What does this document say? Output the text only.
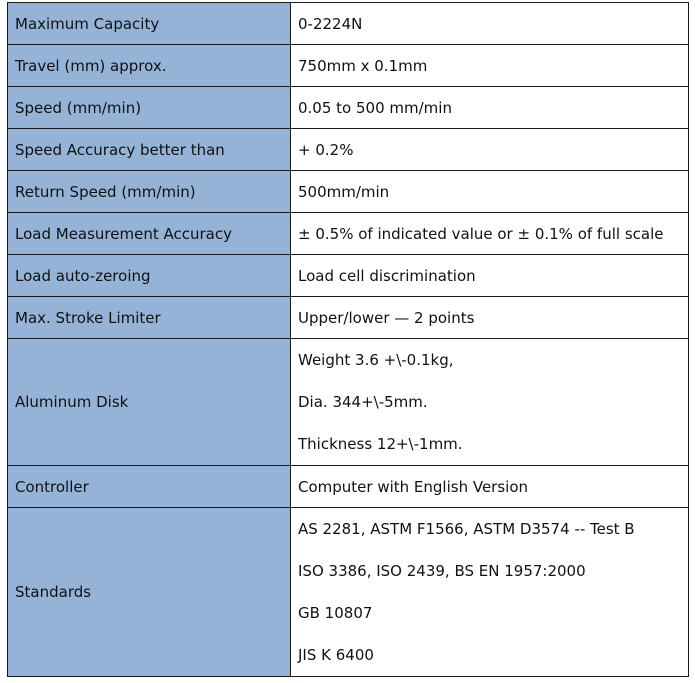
Maximum Capacity	0-2224N
Travel (mm) approx.	750mm x 0.1mm
Speed (mm/min)	0.05 to 500 mm/min
Speed Accuracy better than	+ 0.2%
Return Speed (mm/min)	500mm/min
Load Measurement Accuracy	± 0.5% of indicated value or ± 0.1% of full scale
Load auto-zeroing	Load cell discrimination
Max. Stroke Limiter	Upper/lower — 2 points
Aluminum Disk	Weight 3.6 +\-0.1kg,
Dia. 344+\-5mm.
Thickness 12+\-1mm.

Controller	Computer with English Version
Standards	AS 2281, ASTM F1566, ASTM D3574 -- Test B
ISO 3386, ISO 2439, BS EN 1957:2000
GB 10807
JIS K 6400
